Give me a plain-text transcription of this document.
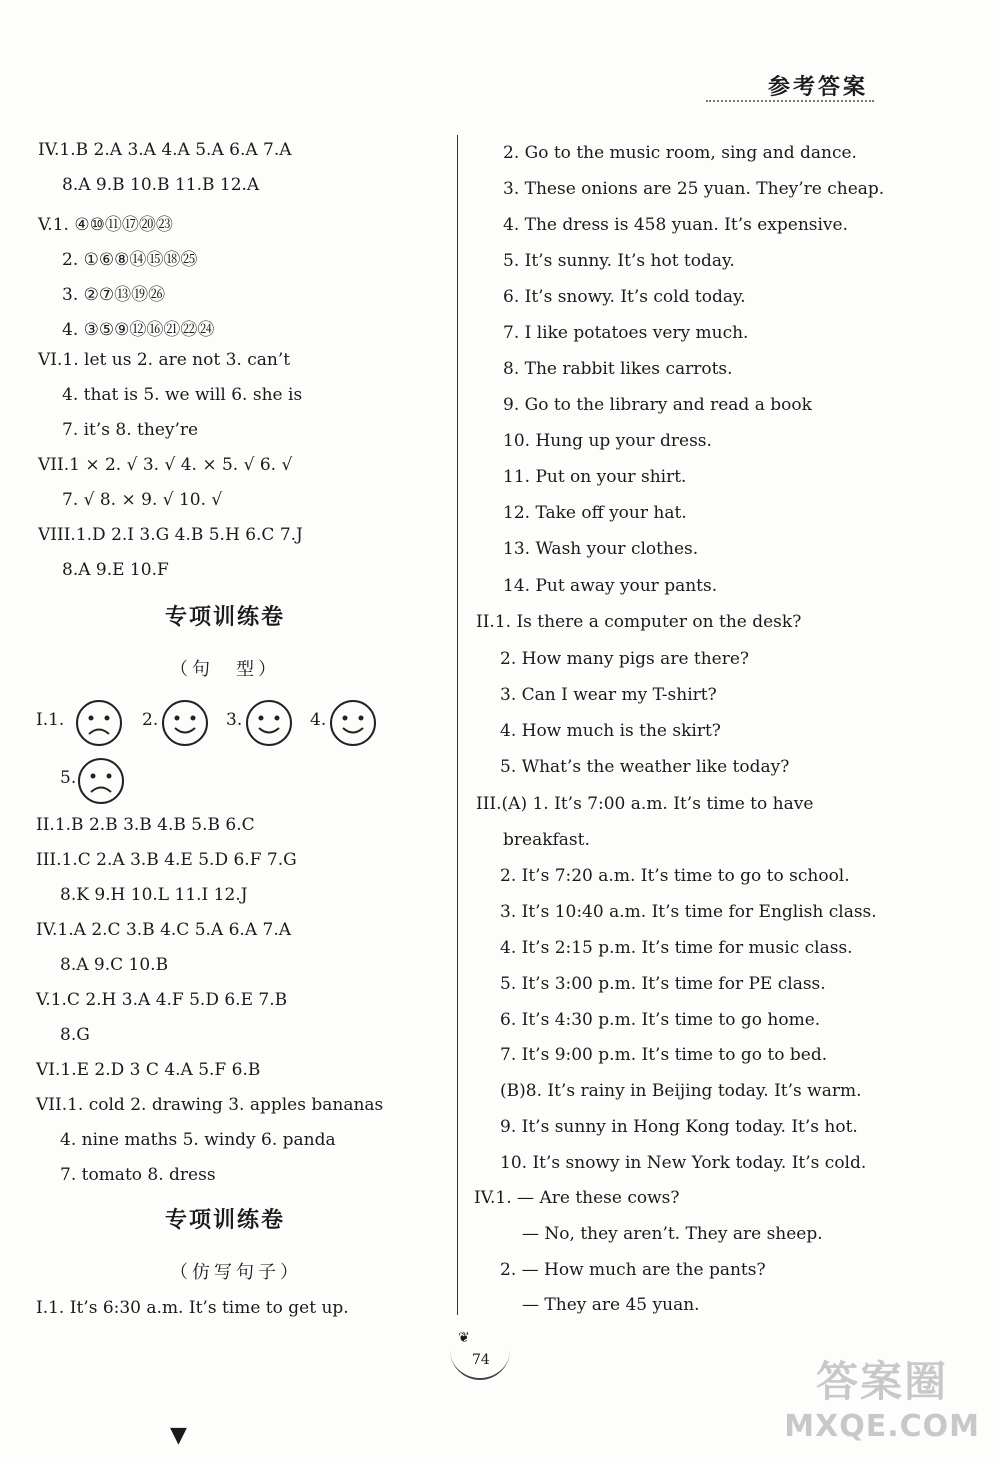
参考答案
IV.1.B 2.A 3.A 4.A 5.A 6.A 7.A
8.A 9.B 10.B 11.B 12.A
V.1. ④⑩⑪⑰⑳㉓
2. ①⑥⑧⑭⑮⑱㉕
3. ②⑦⑬⑲㉖
4. ③⑤⑨⑫⑯㉑㉒㉔
VI.1. let us 2. are not 3. can’t
4. that is 5. we will 6. she is
7. it’s 8. they’re
VII.1 × 2. √ 3. √ 4. × 5. √ 6. √
7. √ 8. × 9. √ 10. √
VIII.1.D 2.I 3.G 4.B 5.H 6.C 7.J
8.A 9.E 10.F
专项训练卷
（句　型）
I.1.	2.	3.	4.
5.
II.1.B 2.B 3.B 4.B 5.B 6.C
III.1.C 2.A 3.B 4.E 5.D 6.F 7.G
8.K 9.H 10.L 11.I 12.J
IV.1.A 2.C 3.B 4.C 5.A 6.A 7.A
8.A 9.C 10.B
V.1.C 2.H 3.A 4.F 5.D 6.E 7.B
8.G
VI.1.E 2.D 3 C 4.A 5.F 6.B
VII.1. cold 2. drawing 3. apples bananas
4. nine maths 5. windy 6. panda
7. tomato 8. dress
专项训练卷
（仿写句子）
I.1. It’s 6:30 a.m. It’s time to get up.
2. Go to the music room, sing and dance.
3. These onions are 25 yuan. They’re cheap.
4. The dress is 458 yuan. It’s expensive.
5. It’s sunny. It’s hot today.
6. It’s snowy. It’s cold today.
7. I like potatoes very much.
8. The rabbit likes carrots.
9. Go to the library and read a book
10. Hung up your dress.
11. Put on your shirt.
12. Take off your hat.
13. Wash your clothes.
14. Put away your pants.
II.1. Is there a computer on the desk?
2. How many pigs are there?
3. Can I wear my T-shirt?
4. How much is the skirt?
5. What’s the weather like today?
III.(A) 1. It’s 7:00 a.m. It’s time to have
breakfast.
2. It’s 7:20 a.m. It’s time to go to school.
3. It’s 10:40 a.m. It’s time for English class.
4. It’s 2:15 p.m. It’s time for music class.
5. It’s 3:00 p.m. It’s time for PE class.
6. It’s 4:30 p.m. It’s time to go home.
7. It’s 9:00 p.m. It’s time to go to bed.
(B)8. It’s rainy in Beijing today. It’s warm.
9. It’s sunny in Hong Kong today. It’s hot.
10. It’s snowy in New York today. It’s cold.
IV.1. — Are these cows?
— No, they aren’t. They are sheep.
2. — How much are the pants?
— They are 45 yuan.
❦
74
▼
答案圈
MXQE.COM
